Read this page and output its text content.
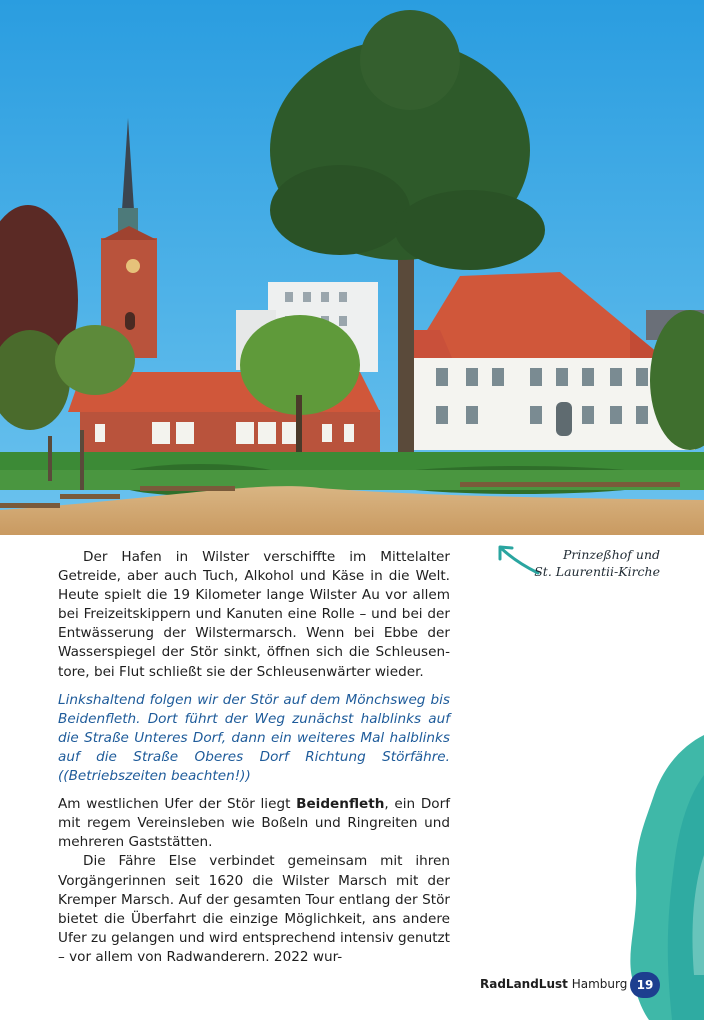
Prinzeßhof und
St. Laurentii-Kirche

Der Hafen in Wilster verschiffte im Mittelalter Getreide, aber auch Tuch, Alkohol und Käse in die Welt. Heute spielt die 19 Kilometer lange Wilster Au vor allem bei Freizeitskippern und Kanuten eine Rolle – und bei der Entwässerung der Wilstermarsch. Wenn bei Ebbe der Wasserspiegel der Stör sinkt, öffnen sich die Schleusentore, bei Flut schließt sie der Schleusenwärter wieder.

Linkshaltend folgen wir der Stör auf dem Mönchsweg bis Beidenfleth. Dort führt der Weg zunächst halblinks auf die Straße Unteres Dorf, dann ein weiteres Mal halblinks auf die Straße Oberes Dorf Richtung Störfähre. ((Betriebszeiten beachten!))

Am westlichen Ufer der Stör liegt Beidenfleth, ein Dorf mit regem Vereinsleben wie Boßeln und Ringreiten und mehreren Gaststätten.

Die Fähre Else verbindet gemeinsam mit ihren Vorgängerinnen seit 1620 die Wilster Marsch mit der Kremper Marsch. Auf der gesamten Tour entlang der Stör bietet die Überfahrt die einzige Möglichkeit, ans andere Ufer zu gelangen und wird entsprechend intensiv genutzt – vor allem von Radwanderern. 2022 wur-

RadLandLust Hamburg 19
